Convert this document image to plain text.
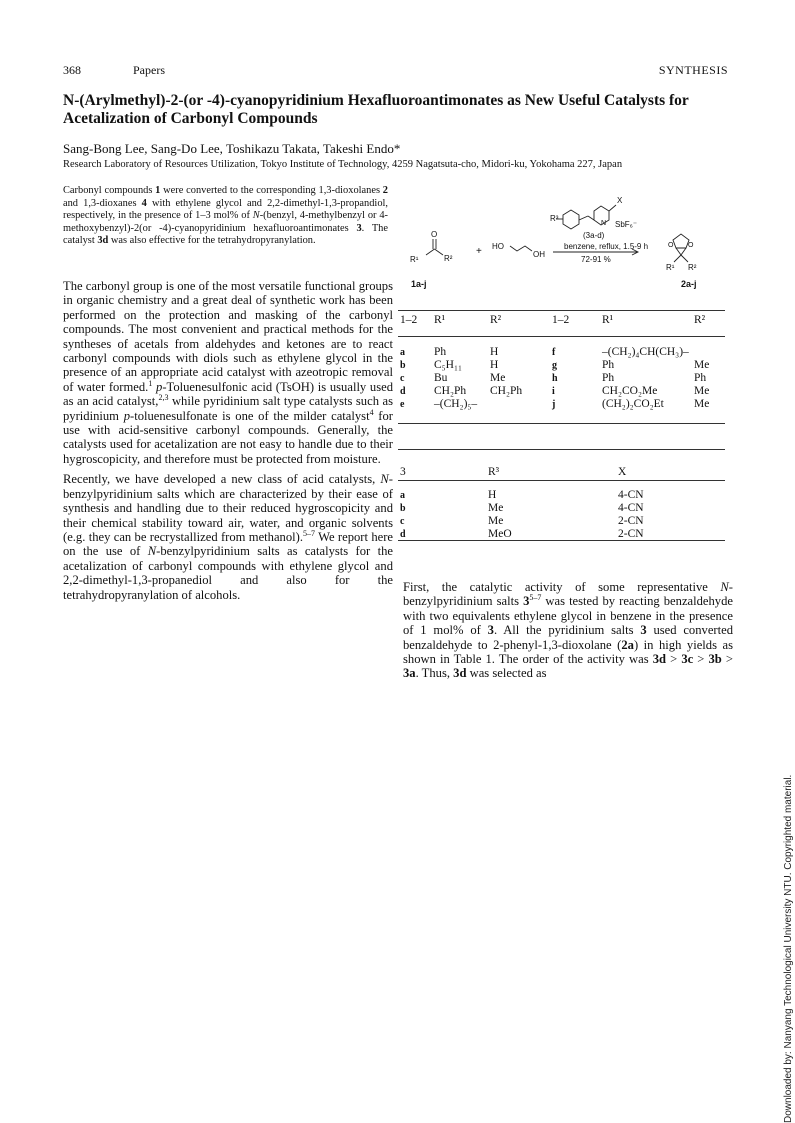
368	Papers	SYNTHESIS
N-(Arylmethyl)-2-(or -4)-cyanopyridinium Hexafluoroantimonates as New Useful Catalysts for Acetalization of Carbonyl Compounds
Sang-Bong Lee, Sang-Do Lee, Toshikazu Takata, Takeshi Endo*
Research Laboratory of Resources Utilization, Tokyo Institute of Technology, 4259 Nagatsuta-cho, Midori-ku, Yokohama 227, Japan

Carbonyl compounds 1 were converted to the corresponding 1,3-dioxolanes 2 and 1,3-dioxanes 4 with ethylene glycol and 2,2-dimethyl-1,3-propandiol, respectively, in the presence of 1–3 mol% of N-(benzyl, 4-methylbenzyl or 4-methoxybenzyl)-2(or -4)-cyanopyridinium hexafluoroantimonates 3. The catalyst 3d was also effective for the tetrahydropyranylation.

The carbonyl group is one of the most versatile functional groups in organic chemistry and a great deal of synthetic work has been performed on the protection and masking of the carbonyl compounds. The most convenient and practical methods for the syntheses of acetals from aldehydes and ketones are to react carbonyl compounds with diols such as ethylene glycol in the presence of an appropriate acid catalyst with azeotropic removal of water formed.$^1$ p-Toluenesulfonic acid (TsOH) is usually used as an acid catalyst,$^{2,3}$ while pyridinium salt type catalysts such as pyridinium p-toluenesulfonate is one of the milder catalyst$^4$ for use with acid-sensitive carbonyl compounds. Generally, the catalysts used for acetalization are not easy to handle due to their hygroscopicity, and therefore must be protected from moisture.

Recently, we have developed a new class of acid catalysts, N-benzylpyridinium salts which are characterized by their ease of synthesis and handling due to their reduced hygroscopicity and their chemical stability toward air, water, and organic solvents (e.g. they can be recrystallized from methanol).$^{5-7}$ We report here on the use of N-benzylpyridinium salts as catalysts for the acetalization of carbonyl compounds with ethylene glycol and 2,2-dimethyl-1,3-propanediol and also for the tetrahydropyranylation of alcohols.

First, the catalytic activity of some representative N-benzylpyridinium salts 3$^{5-7}$ was tested by reacting benzaldehyde with two equivalents ethylene glycol in benzene in the presence of 1 mol% of 3. All the pyridinium salts 3 used converted benzaldehyde to 2-phenyl-1,3-dioxolane (2a) in high yields as shown in Table 1. The order of the activity was 3d > 3c > 3b > 3a. Thus, 3d was selected as

R³
X
N SbF₆⁻
(3a-d)
benzene, reflux, 1.5-9 h
72-91 %
O
R¹	R²
+ HO
OH
O O
R¹ R²
1a-j	2a-j
1–2	R¹	R²	1–2	R¹	R²

a	Ph	H	f	–(CH₂)₄CH(CH₃)–	
b	C₅H₁₁	H	g	Ph	Me
c	Bu	Me	h	Ph	Ph
d	CH₂Ph	CH₂Ph	i	CH₂CO₂Me	Me
e	–(CH₂)₅–		j	(CH₂)₂CO₂Et	Me
3	R³	X

a	H	4-CN
b	Me	4-CN
c	Me	2-CN
d	MeO	2-CN
Downloaded by: Nanyang Technological University NTU. Copyrighted material.
